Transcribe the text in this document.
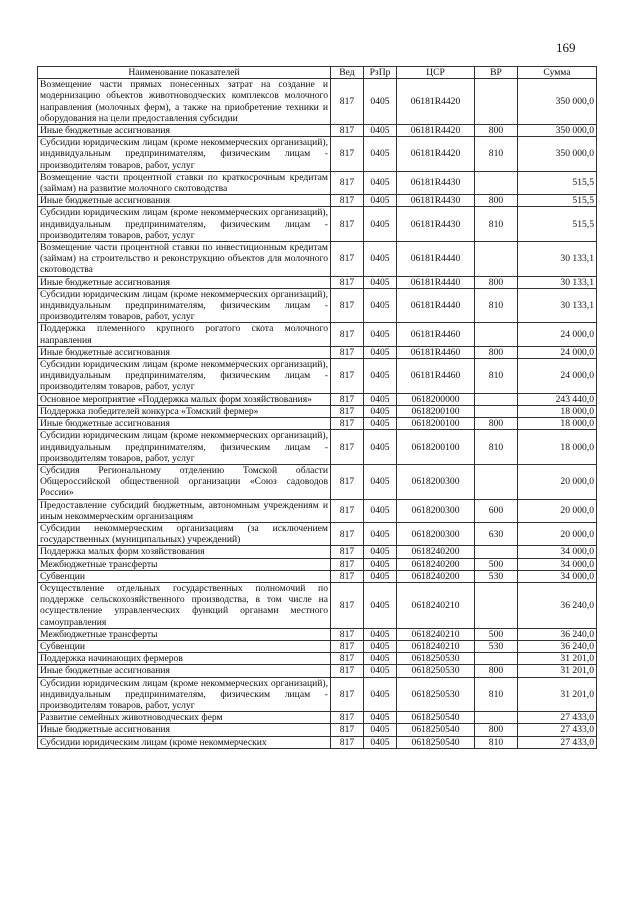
169
Наименование показателей	Вед	РзПр	ЦСР	ВР	Сумма
Возмещение части прямых понесенных затрат на создание и модернизацию объектов животноводческих комплексов молочного направления (молочных ферм), а также на приобретение техники и оборудования на цели предоставления субсидии	817	0405	06181R4420		350 000,0
Иные бюджетные ассигнования	817	0405	06181R4420	800	350 000,0
Субсидии юридическим лицам (кроме некоммерческих организаций), индивидуальным предпринимателям, физическим лицам - производителям товаров, работ, услуг	817	0405	06181R4420	810	350 000,0
Возмещение части процентной ставки по краткосрочным кредитам (займам) на развитие молочного скотоводства	817	0405	06181R4430		515,5
Иные бюджетные ассигнования	817	0405	06181R4430	800	515,5
Субсидии юридическим лицам (кроме некоммерческих организаций), индивидуальным предпринимателям, физическим лицам - производителям товаров, работ, услуг	817	0405	06181R4430	810	515,5
Возмещение части процентной ставки по инвестиционным кредитам (займам) на строительство и реконструкцию объектов для молочного скотоводства	817	0405	06181R4440		30 133,1
Иные бюджетные ассигнования	817	0405	06181R4440	800	30 133,1
Субсидии юридическим лицам (кроме некоммерческих организаций), индивидуальным предпринимателям, физическим лицам - производителям товаров, работ, услуг	817	0405	06181R4440	810	30 133,1
Поддержка племенного крупного рогатого скота молочного направления	817	0405	06181R4460		24 000,0
Иные бюджетные ассигнования	817	0405	06181R4460	800	24 000,0
Субсидии юридическим лицам (кроме некоммерческих организаций), индивидуальным предпринимателям, физическим лицам - производителям товаров, работ, услуг	817	0405	06181R4460	810	24 000,0
Основное мероприятие «Поддержка малых форм хозяйствования»	817	0405	0618200000		243 440,0
Поддержка победителей конкурса «Томский фермер»	817	0405	0618200100		18 000,0
Иные бюджетные ассигнования	817	0405	0618200100	800	18 000,0
Субсидии юридическим лицам (кроме некоммерческих организаций), индивидуальным предпринимателям, физическим лицам - производителям товаров, работ, услуг	817	0405	0618200100	810	18 000,0
Субсидия Региональному отделению Томской области Общероссийской общественной организации «Союз садоводов России»	817	0405	0618200300		20 000,0
Предоставление субсидий бюджетным, автономным учреждениям и иным некоммерческим организациям	817	0405	0618200300	600	20 000,0
Субсидии некоммерческим организациям (за исключением государственных (муниципальных) учреждений)	817	0405	0618200300	630	20 000,0
Поддержка малых форм хозяйствования	817	0405	0618240200		34 000,0
Межбюджетные трансферты	817	0405	0618240200	500	34 000,0
Субвенции	817	0405	0618240200	530	34 000,0
Осуществление отдельных государственных полномочий по поддержке сельскохозяйственного производства, в том числе на осуществление управленческих функций органами местного самоуправления	817	0405	0618240210		36 240,0
Межбюджетные трансферты	817	0405	0618240210	500	36 240,0
Субвенции	817	0405	0618240210	530	36 240,0
Поддержка начинающих фермеров	817	0405	0618250530		31 201,0
Иные бюджетные ассигнования	817	0405	0618250530	800	31 201,0
Субсидии юридическим лицам (кроме некоммерческих организаций), индивидуальным предпринимателям, физическим лицам - производителям товаров, работ, услуг	817	0405	0618250530	810	31 201,0
Развитие семейных животноводческих ферм	817	0405	0618250540		27 433,0
Иные бюджетные ассигнования	817	0405	0618250540	800	27 433,0
Субсидии юридическим лицам (кроме некоммерческих	817	0405	0618250540	810	27 433,0
